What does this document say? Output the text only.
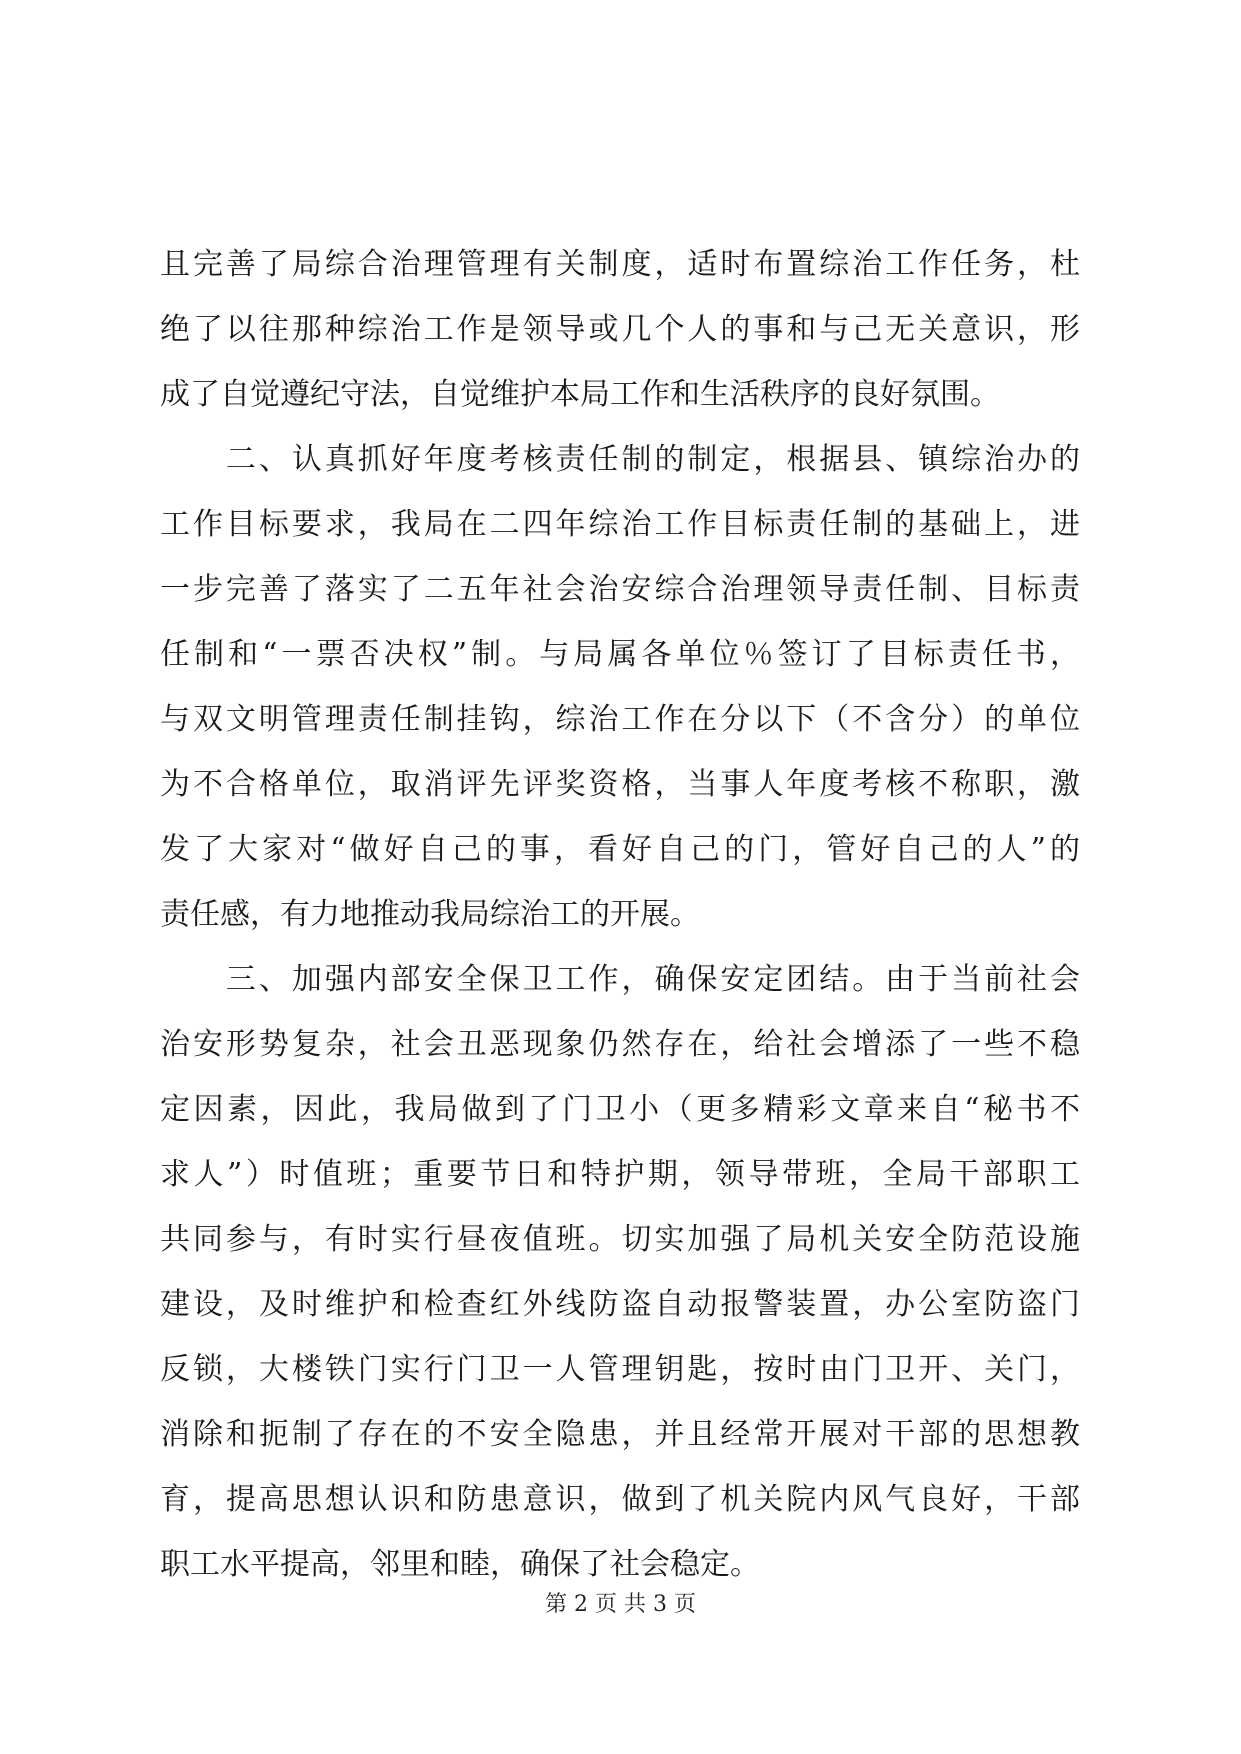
且完善了局综合治理管理有关制度，适时布置综治工作任务，杜
绝了以往那种综治工作是领导或几个人的事和与己无关意识，形
成了自觉遵纪守法，自觉维护本局工作和生活秩序的良好氛围。
　　二、认真抓好年度考核责任制的制定，根据县、镇综治办的
工作目标要求，我局在二四年综治工作目标责任制的基础上，进
一步完善了落实了二五年社会治安综合治理领导责任制、目标责
任制和“一票否决权”制。与局属各单位％签订了目标责任书，
与双文明管理责任制挂钩，综治工作在分以下（不含分）的单位
为不合格单位，取消评先评奖资格，当事人年度考核不称职，激
发了大家对“做好自己的事，看好自己的门，管好自己的人”的
责任感，有力地推动我局综治工的开展。
　　三、加强内部安全保卫工作，确保安定团结。由于当前社会
治安形势复杂，社会丑恶现象仍然存在，给社会增添了一些不稳
定因素，因此，我局做到了门卫小（更多精彩文章来自“秘书不
求人”）时值班；重要节日和特护期，领导带班，全局干部职工
共同参与，有时实行昼夜值班。切实加强了局机关安全防范设施
建设，及时维护和检查红外线防盗自动报警装置，办公室防盗门
反锁，大楼铁门实行门卫一人管理钥匙，按时由门卫开、关门，
消除和扼制了存在的不安全隐患，并且经常开展对干部的思想教
育，提高思想认识和防患意识，做到了机关院内风气良好，干部
职工水平提高，邻里和睦，确保了社会稳定。
第 2 页 共 3 页
